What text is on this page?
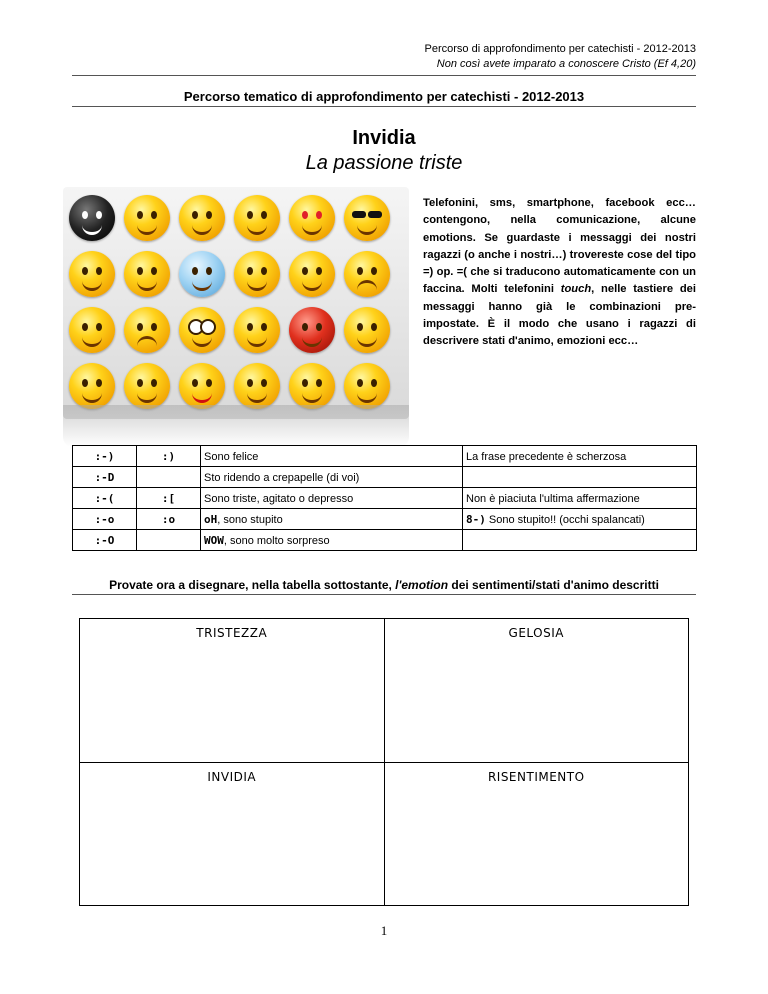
Percorso di approfondimento per catechisti - 2012-2013
Non così avete imparato a conoscere Cristo (Ef 4,20)
Percorso tematico di approfondimento per catechisti - 2012-2013
Invidia
La passione triste
Telefonini, sms, smartphone, facebook ecc… contengono, nella comunicazione, alcune emotions. Se guardaste i messaggi dei nostri ragazzi (o anche i nostri…) trovereste cose del tipo =) op. =( che si traducono automaticamente con un faccina. Molti telefonini touch, nelle tastiere dei messaggi hanno già le combinazioni pre-impostate. È il modo che usano i ragazzi di descrivere stati d'animo, emozioni ecc…
:-)	:)	Sono felice	La frase precedente è scherzosa
:-D		Sto ridendo a crepapelle (di voi)	
:-(	:[	Sono triste, agitato o depresso	Non è piaciuta l'ultima affermazione
:-o	:o	oH, sono stupito	8-) Sono stupito!! (occhi spalancati)
:-O		WOW, sono molto sorpreso	
Provate ora a disegnare, nella tabella sottostante, l'emotion dei sentimenti/stati d'animo descritti
TRISTEZZA	GELOSIA
INVIDIA	RISENTIMENTO
1
